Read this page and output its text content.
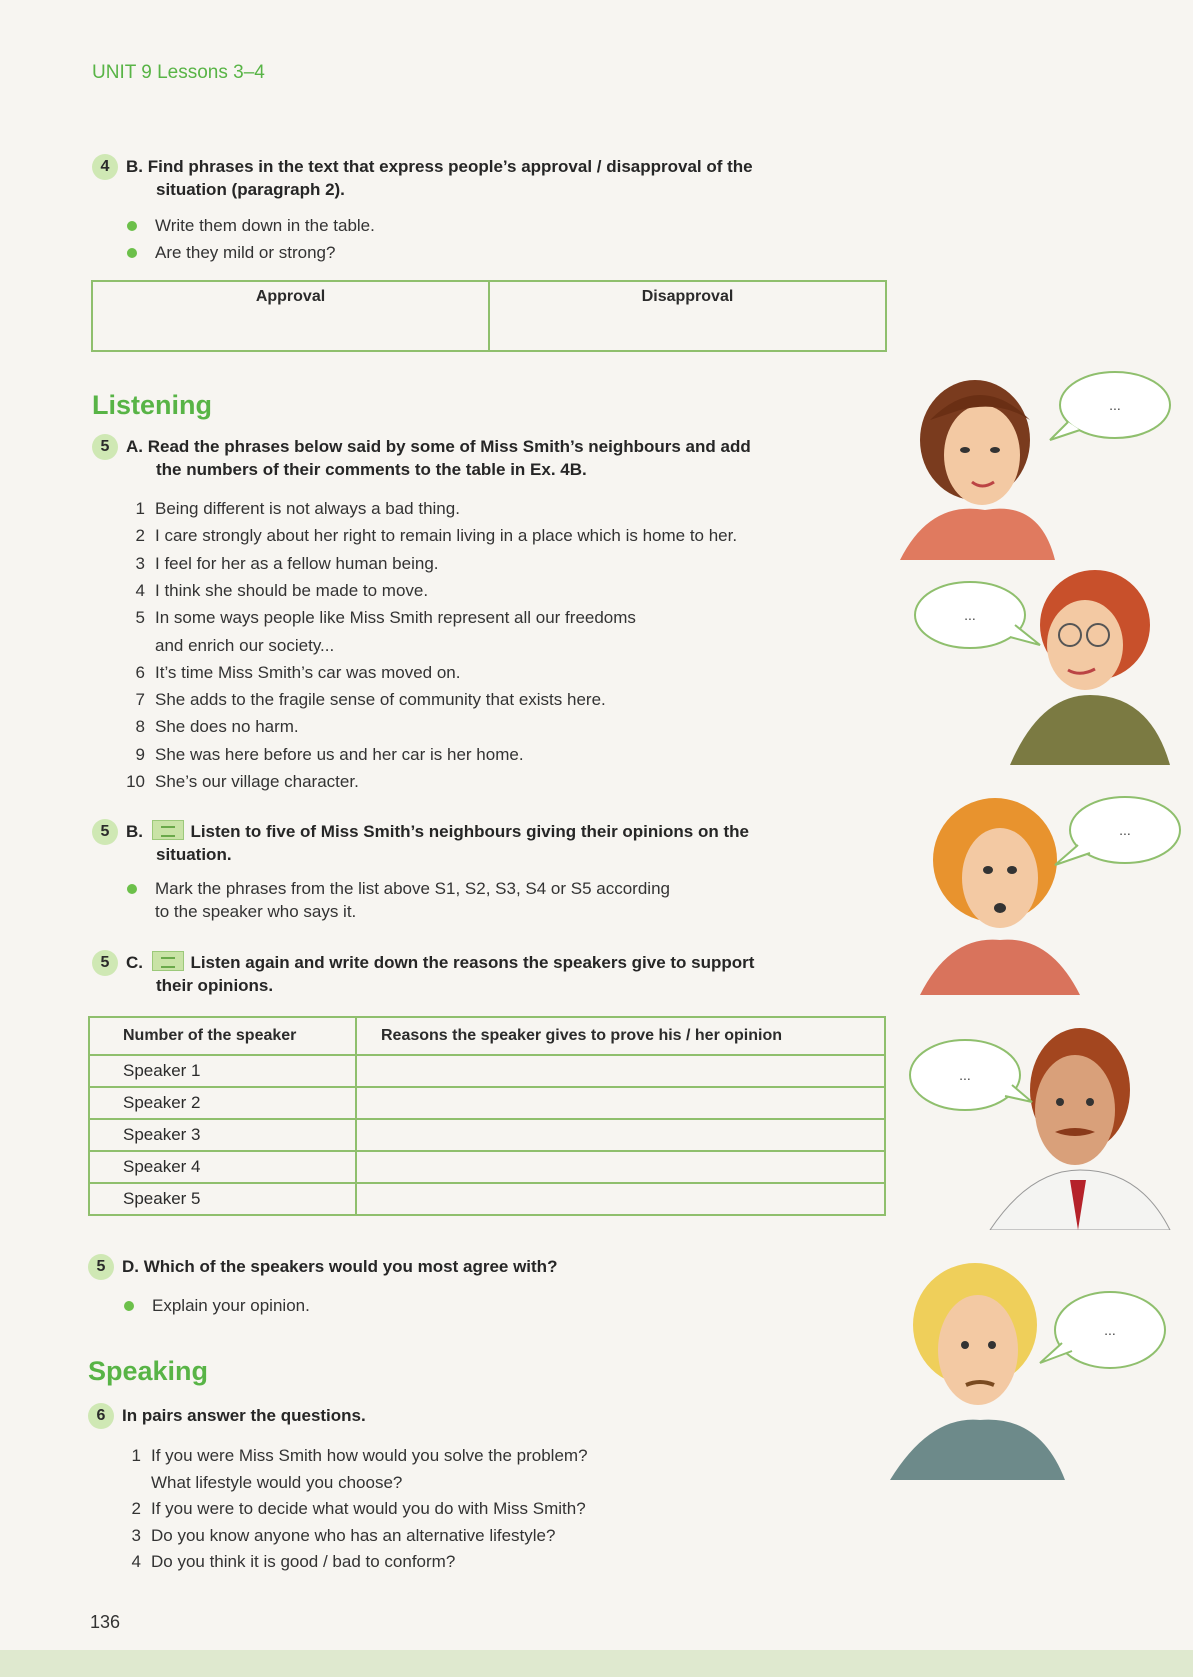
UNIT 9 Lessons 3–4
4 B. Find phrases in the text that express people’s approval / disapproval of the
situation (paragraph 2).
Write them down in the table.
Are they mild or strong?
Approval	Disapproval
Listening
5 A. Read the phrases below said by some of Miss Smith’s neighbours and add
the numbers of their comments to the table in Ex. 4B.
1 Being different is not always a bad thing.
2 I care strongly about her right to remain living in a place which is home to her.
3 I feel for her as a fellow human being.
4 I think she should be made to move.
5 In some ways people like Miss Smith represent all our freedoms
and enrich our society...
6 It’s time Miss Smith’s car was moved on.
7 She adds to the fragile sense of community that exists here.
8 She does no harm.
9 She was here before us and her car is her home.
10 She’s our village character.
5 B.	Listen to five of Miss Smith’s neighbours giving their opinions on the
situation.
Mark the phrases from the list above S1, S2, S3, S4 or S5 according
to the speaker who says it.
5 C.	Listen again and write down the reasons the speakers give to support
their opinions.
Number of the speaker	Reasons the speaker gives to prove his / her opinion
Speaker 1	
Speaker 2	
Speaker 3	
Speaker 4	
Speaker 5	
5 D. Which of the speakers would you most agree with?
Explain your opinion.
Speaking
6 In pairs answer the questions.
1 If you were Miss Smith how would you solve the problem?
What lifestyle would you choose?
2 If you were to decide what would you do with Miss Smith?
3 Do you know anyone who has an alternative lifestyle?
4 Do you think it is good / bad to conform?
136
...
...
...
...
...
